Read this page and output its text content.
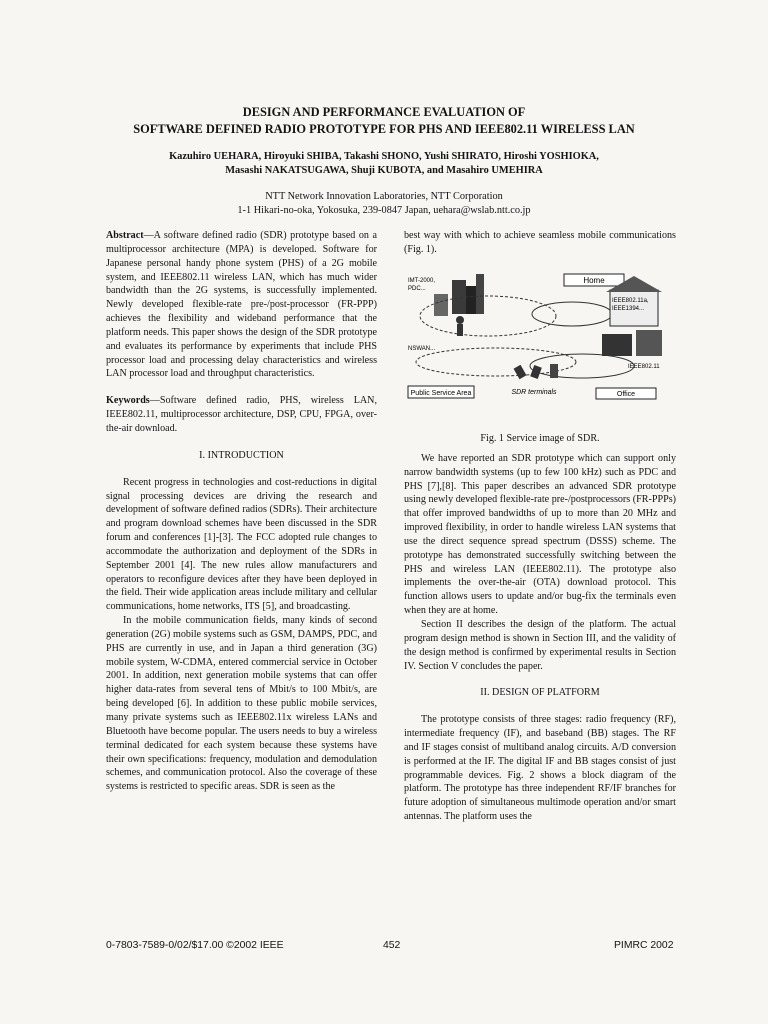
DESIGN AND PERFORMANCE EVALUATION OF
SOFTWARE DEFINED RADIO PROTOTYPE FOR PHS AND IEEE802.11 WIRELESS LAN
Kazuhiro UEHARA, Hiroyuki SHIBA, Takashi SHONO, Yushi SHIRATO, Hiroshi YOSHIOKA,
Masashi NAKATSUGAWA, Shuji KUBOTA, and Masahiro UMEHIRA
NTT Network Innovation Laboratories, NTT Corporation
1-1 Hikari-no-oka, Yokosuka, 239-0847 Japan, uehara@wslab.ntt.co.jp

Abstract—A software defined radio (SDR) prototype based on a multiprocessor architecture (MPA) is developed. Software for Japanese personal handy phone system (PHS) of a 2G mobile system, and IEEE802.11 wireless LAN, which has much wider bandwidth than the 2G systems, is successfully implemented. Newly developed flexible-rate pre-/post-processor (FR-PPP) achieves the flexibility and wideband performance that the platform needs. This paper shows the design of the SDR prototype and evaluates its performance by experiments that include PHS processor load and processing delay characteristics and wireless LAN processor load and throughput characteristics.

Keywords—Software defined radio, PHS, wireless LAN, IEEE802.11, multiprocessor architecture, DSP, CPU, FPGA, over-the-air download.

I. INTRODUCTION

Recent progress in technologies and cost-reductions in digital signal processing devices are driving the research and development of software defined radios (SDRs). Their architecture and program download schemes have been discussed in the SDR forum and conferences [1]-[3]. The FCC adopted rule changes to accommodate the authorization and deployment of the SDRs in September 2001 [4]. The new rules allow manufacturers and operators to reconfigure devices after they have been deployed in the field. Their wide application areas include military and cellular communications, home networks, ITS [5], and broadcasting.

In the mobile communication fields, many kinds of second generation (2G) mobile systems such as GSM, DAMPS, PDC, and PHS are currently in use, and in Japan a third generation (3G) mobile system, W-CDMA, entered commercial service in October 2001. In addition, next generation mobile systems that can offer higher data-rates from several tens of Mbit/s to 100 Mbit/s, are being developed [6]. In addition to these public mobile services, many private systems such as IEEE802.11x wireless LANs and Bluetooth have become popular. The users needs to buy a wireless terminal dedicated for each system because these systems have their own specifications: frequency, modulation and demodulation schemes, and communication protocol. Also the coverage of these systems is restricted to specific areas. SDR is seen as the

best way with which to achieve seamless mobile communications (Fig. 1).

Home
IEEE802.11a,
IEEE1394...
IEEE802.11
IMT-2000,
PDC...
NSWAN...
Public Service Area	SDR terminals	Office

Fig. 1 Service image of SDR.

We have reported an SDR prototype which can support only narrow bandwidth systems (up to few 100 kHz) such as PDC and PHS [7],[8]. This paper describes an advanced SDR prototype using newly developed flexible-rate pre-/postprocessors (FR-PPPs) that offer improved bandwidths of up to more than 20 MHz and improved flexibility, in order to handle wireless LAN systems that use the direct sequence spread spectrum (DSSS) scheme. The prototype has demonstrated successfully switching between the PHS and wireless LAN (IEEE802.11). The prototype also implements the over-the-air (OTA) download protocol. This function allows users to update and/or bug-fix the terminals even when they are at home.

Section II describes the design of the platform. The actual program design method is shown in Section III, and the validity of the design method is confirmed by experimental results in Section IV. Section V concludes the paper.

II. DESIGN OF PLATFORM

The prototype consists of three stages: radio frequency (RF), intermediate frequency (IF), and baseband (BB) stages. The RF and IF stages consist of multiband analog circuits. A/D conversion is performed at the IF. The digital IF and BB stages consist of just programmable devices. Fig. 2 shows a block diagram of the platform. The prototype has three independent RF/IF branches for future adoption of simultaneous multimode operation and/or smart antennas. The platform uses the

0-7803-7589-0/02/$17.00 ©2002 IEEE	452	PIMRC 2002
